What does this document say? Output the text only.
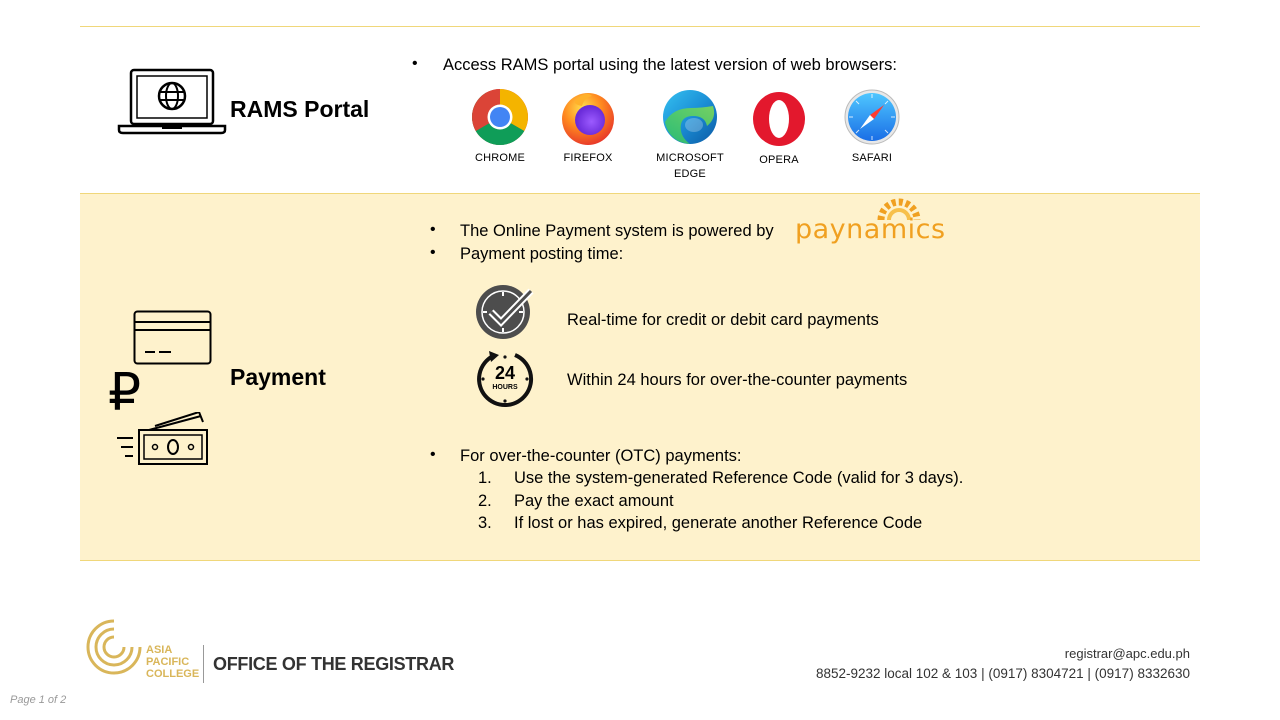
RAMS Portal
• Access RAMS portal using the latest version of web browsers:
CHROME	FIREFOX	MICROSOFT EDGE
OPERA	SAFARI
₽	Payment
• The Online Payment system is powered by paynamics
• Payment posting time:
Real-time for credit or debit card payments
24
HOURS	Within 24 hours for over-the-counter payments
• For over-the-counter (OTC) payments:
1. Use the system-generated Reference Code (valid for 3 days).
2. Pay the exact amount
3. If lost or has expired, generate another Reference Code
ASIA
PACIFIC
COLLEGE OFFICE OF THE REGISTRAR
registrar@apc.edu.ph
8852-9232 local 102 & 103 | (0917) 8304721 | (0917) 8332630
Page 1 of 2
